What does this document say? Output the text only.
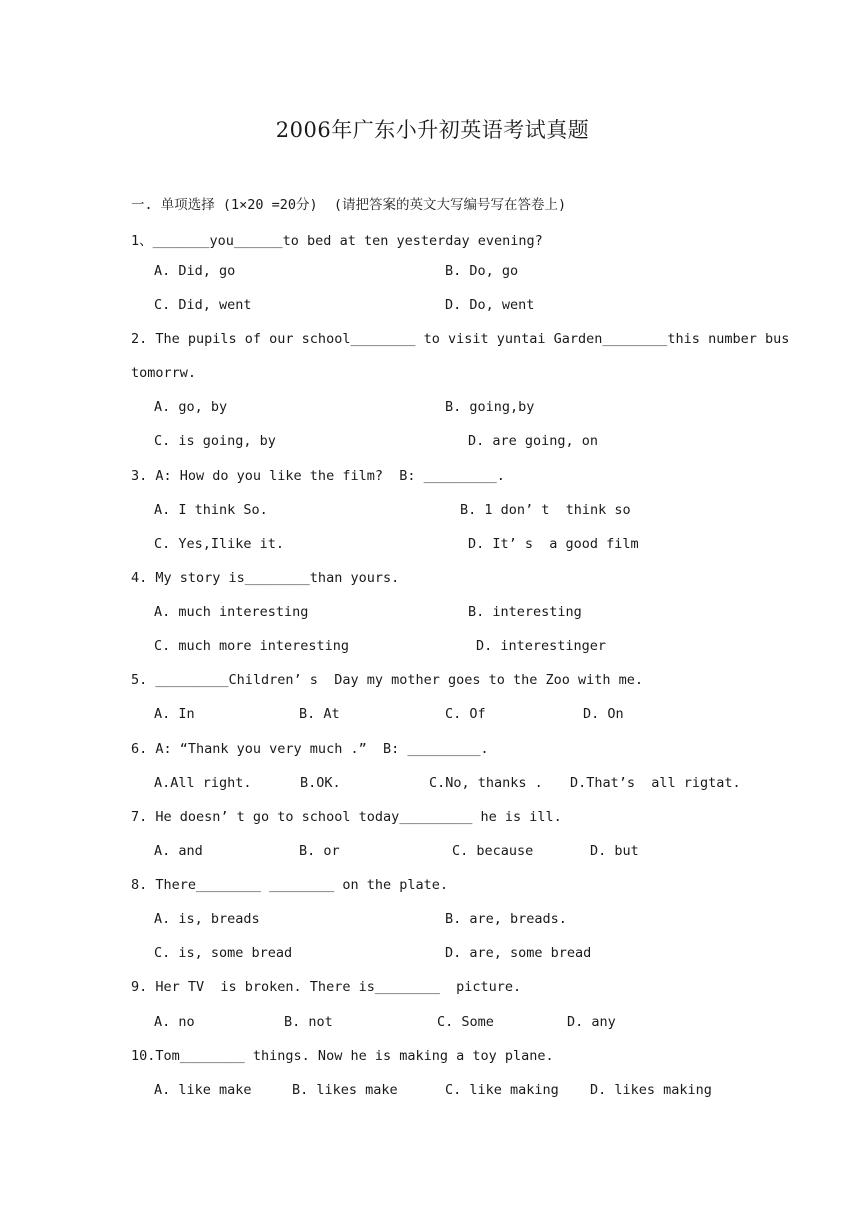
2006年广东小升初英语考试真题
一. 单项选择 (1×20 =20分)  (请把答案的英文大写编号写在答卷上)
1、_______you______to bed at ten yesterday evening?
A. Did, go	B. Do, go
C. Did, went	D. Do, went
2. The pupils of our school________ to visit yuntai Garden________this number bus
tomorrw.
A. go, by	B. going,by
C. is going, by	D. are going, on
3. A: How do you like the film?  B: _________.
A. I think So.	B. 1 don’ t  think so
C. Yes,Ilike it.	D. It’ s  a good film
4. My story is________than yours.
A. much interesting	B. interesting
C. much more interesting	D. interestinger
5. _________Children’ s  Day my mother goes to the Zoo with me.
A. In	B. At	C. Of	D. On
6. A: “Thank you very much .”  B: _________.
A.All right.	B.OK.	C.No, thanks . D.That’s  all rigtat.
7. He doesn’ t go to school today_________ he is ill.
A. and	B. or	C. because	D. but
8. There________ ________ on the plate.
A. is, breads	B. are, breads.
C. is, some bread	D. are, some bread
9. Her TV  is broken. There is________  picture.
A. no	B. not	C. Some	D. any
10.Tom________ things. Now he is making a toy plane.
A. like make	B. likes make	C. like making D. likes making
